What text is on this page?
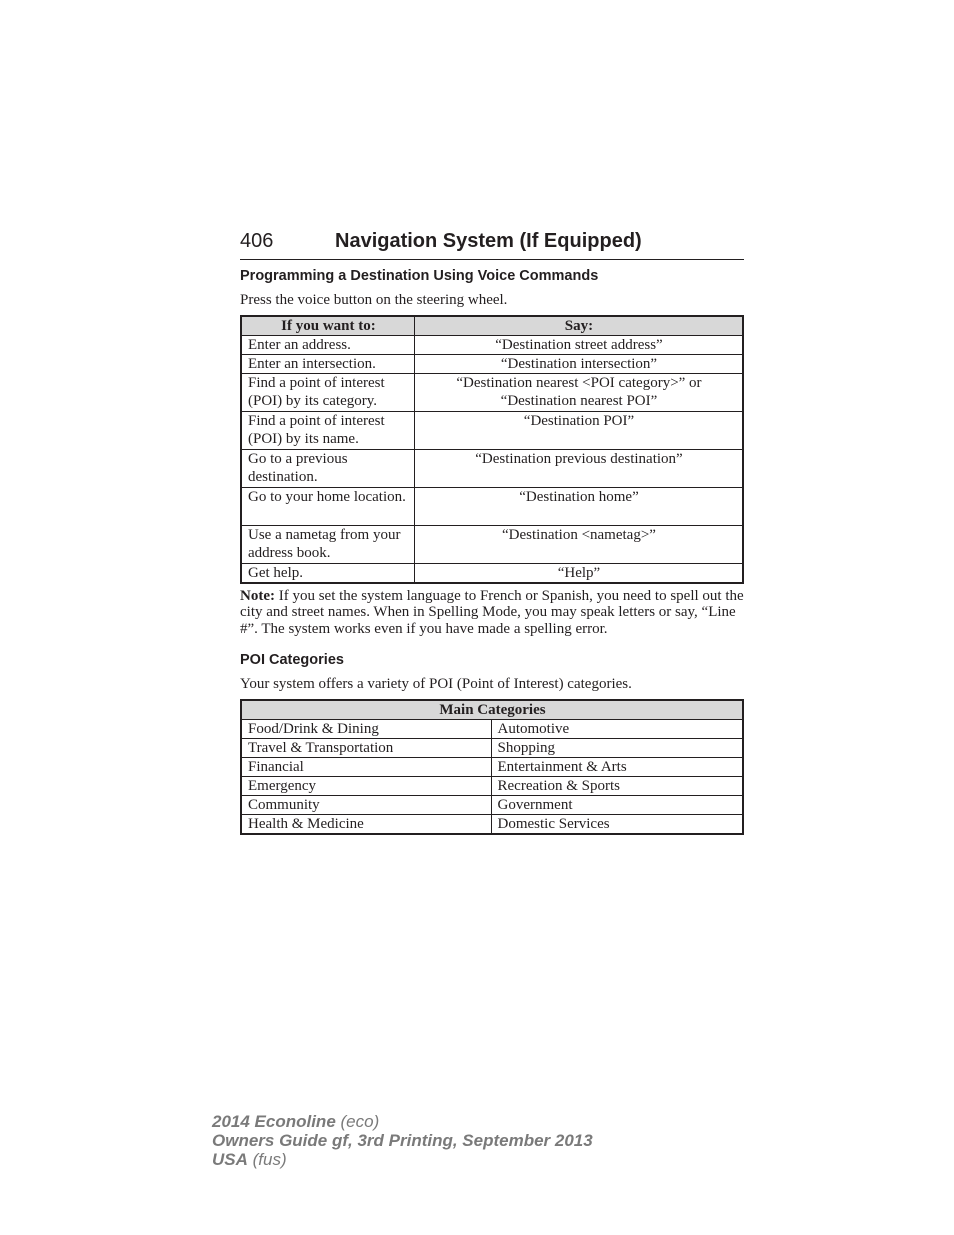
406	Navigation System (If Equipped)
Programming a Destination Using Voice Commands

Press the voice button on the steering wheel.

If you want to:	Say:
Enter an address.	“Destination street address”
Enter an intersection.	“Destination intersection”
Find a point of interest (POI) by its category.	“Destination nearest <POI category>” or “Destination nearest POI”
Find a point of interest (POI) by its name.	“Destination POI”
Go to a previous destination.	“Destination previous destination”
Go to your home location.	“Destination home”
Use a nametag from your address book.	“Destination <nametag>”
Get help.	“Help”

Note: If you set the system language to French or Spanish, you need to spell out the city and street names. When in Spelling Mode, you may speak letters or say, “Line #”. The system works even if you have made a spelling error.

POI Categories

Your system offers a variety of POI (Point of Interest) categories.

Main Categories	
Food/Drink & Dining	Automotive
Travel & Transportation	Shopping
Financial	Entertainment & Arts
Emergency	Recreation & Sports
Community	Government
Health & Medicine	Domestic Services
2014 Econoline (eco)
Owners Guide gf, 3rd Printing, September 2013
USA (fus)
